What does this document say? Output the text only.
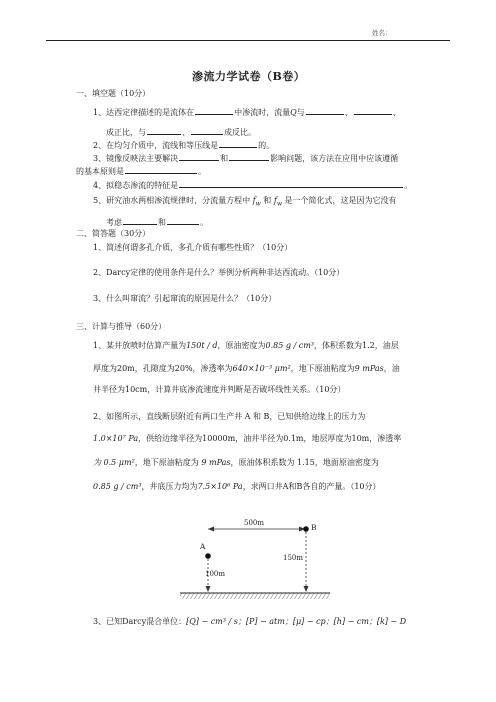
姓名：
渗流力学试卷（B卷）
一、填空题（10分）
1、达西定律描述的是流体在	中渗流时，流量Q与	、	、
成正比，与	、	成反比。
2、在均匀介质中，流线和等压线是	的。
3、镜像反映法主要解决	和	影响问题，该方法在应用中应该遵循
的基本原则是	。
4、拟稳态渗流的特征是	。
5、研究油水两相渗流规律时，分流量方程中 $f_w$ 和 $f_w$ 是一个简化式，这是因为它没有
考虑	和	。
二、简答题（30分）
1、简述何谓多孔介质，多孔介质有哪些性质？（10分）
2、Darcy定律的使用条件是什么？举例分析两种非达西流动。（10分）
3、什么叫窜流？引起窜流的原因是什么？（10分）
三、计算与推导（60分）
1、某井放喷时估算产量为150t / d，原油密度为0.85 g / cm³，体积系数为1.2，油层
厚度为20m，孔隙度为20%，渗透率为640×10⁻³ μm²，地下原油粘度为9 mPas，油
井半径为10cm，计算井底渗流速度并判断是否破坏线性关系。（10分）
2、如图所示，直线断层附近有两口生产井 A 和 B，已知供给边缘上的压力为
1.0×10⁷ Pa，供给边缘半径为10000m，油井半径为0.1m，地层厚度为10m，渗透率
为 0.5 μm²，地下原油粘度为 9 mPas，原油体积系数为 1.15，地面原油密度为
0.85 g / cm³，井底压力均为7.5×10⁶ Pa，求两口井A和B各自的产量。（10分）
500m
A
B
150m
100m
3、已知Darcy混合单位：[Q] − cm³ / s；[P] − atm；[μ] − cp；[h] − cm；[k] − D
